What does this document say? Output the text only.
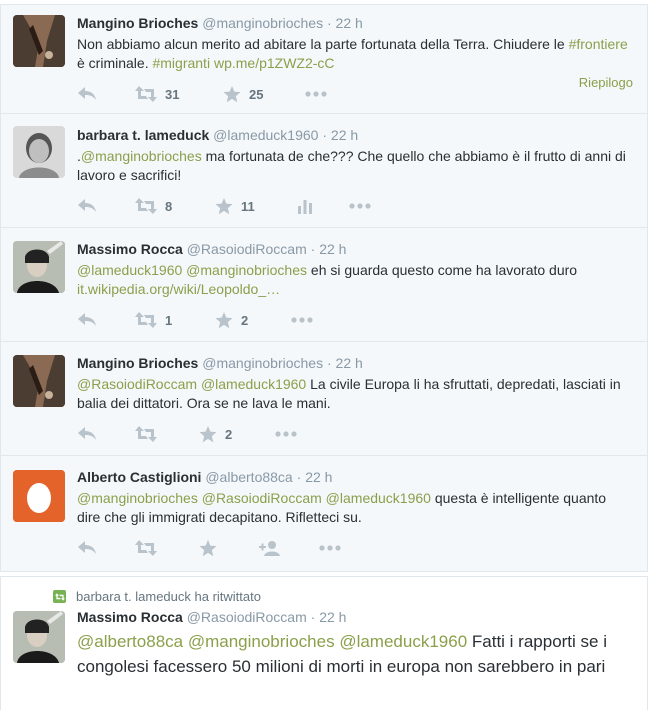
Mangino Brioches @manginobrioches · 22 h
Non abbiamo alcun merito ad abitare la parte fortunata della Terra. Chiudere le #frontiere è criminale. #migranti wp.me/p1ZWZ2-cC
Riepilogo
31	25
barbara t. lameduck @lameduck1960 · 22 h
.@manginobrioches ma fortunata de che??? Che quello che abbiamo è il frutto di anni di lavoro e sacrifici!
8	11
Massimo Rocca @RasoiodiRoccam · 22 h
@lameduck1960 @manginobrioches eh si guarda questo come ha lavorato duro it.wikipedia.org/wiki/Leopoldo_…
1	2
Mangino Brioches @manginobrioches · 22 h
@RasoiodiRoccam @lameduck1960 La civile Europa li ha sfruttati, depredati, lasciati in balia dei dittatori. Ora se ne lava le mani.
2
Alberto Castiglioni @alberto88ca · 22 h
@manginobrioches @RasoiodiRoccam @lameduck1960 questa è intelligente quanto dire che gli immigrati decapitano. Rifletteci su.
barbara t. lameduck ha ritwittato
Massimo Rocca @RasoiodiRoccam · 22 h
@alberto88ca @manginobrioches @lameduck1960 Fatti i rapporti se i congolesi facessero 50 milioni di morti in europa non sarebbero in pari
